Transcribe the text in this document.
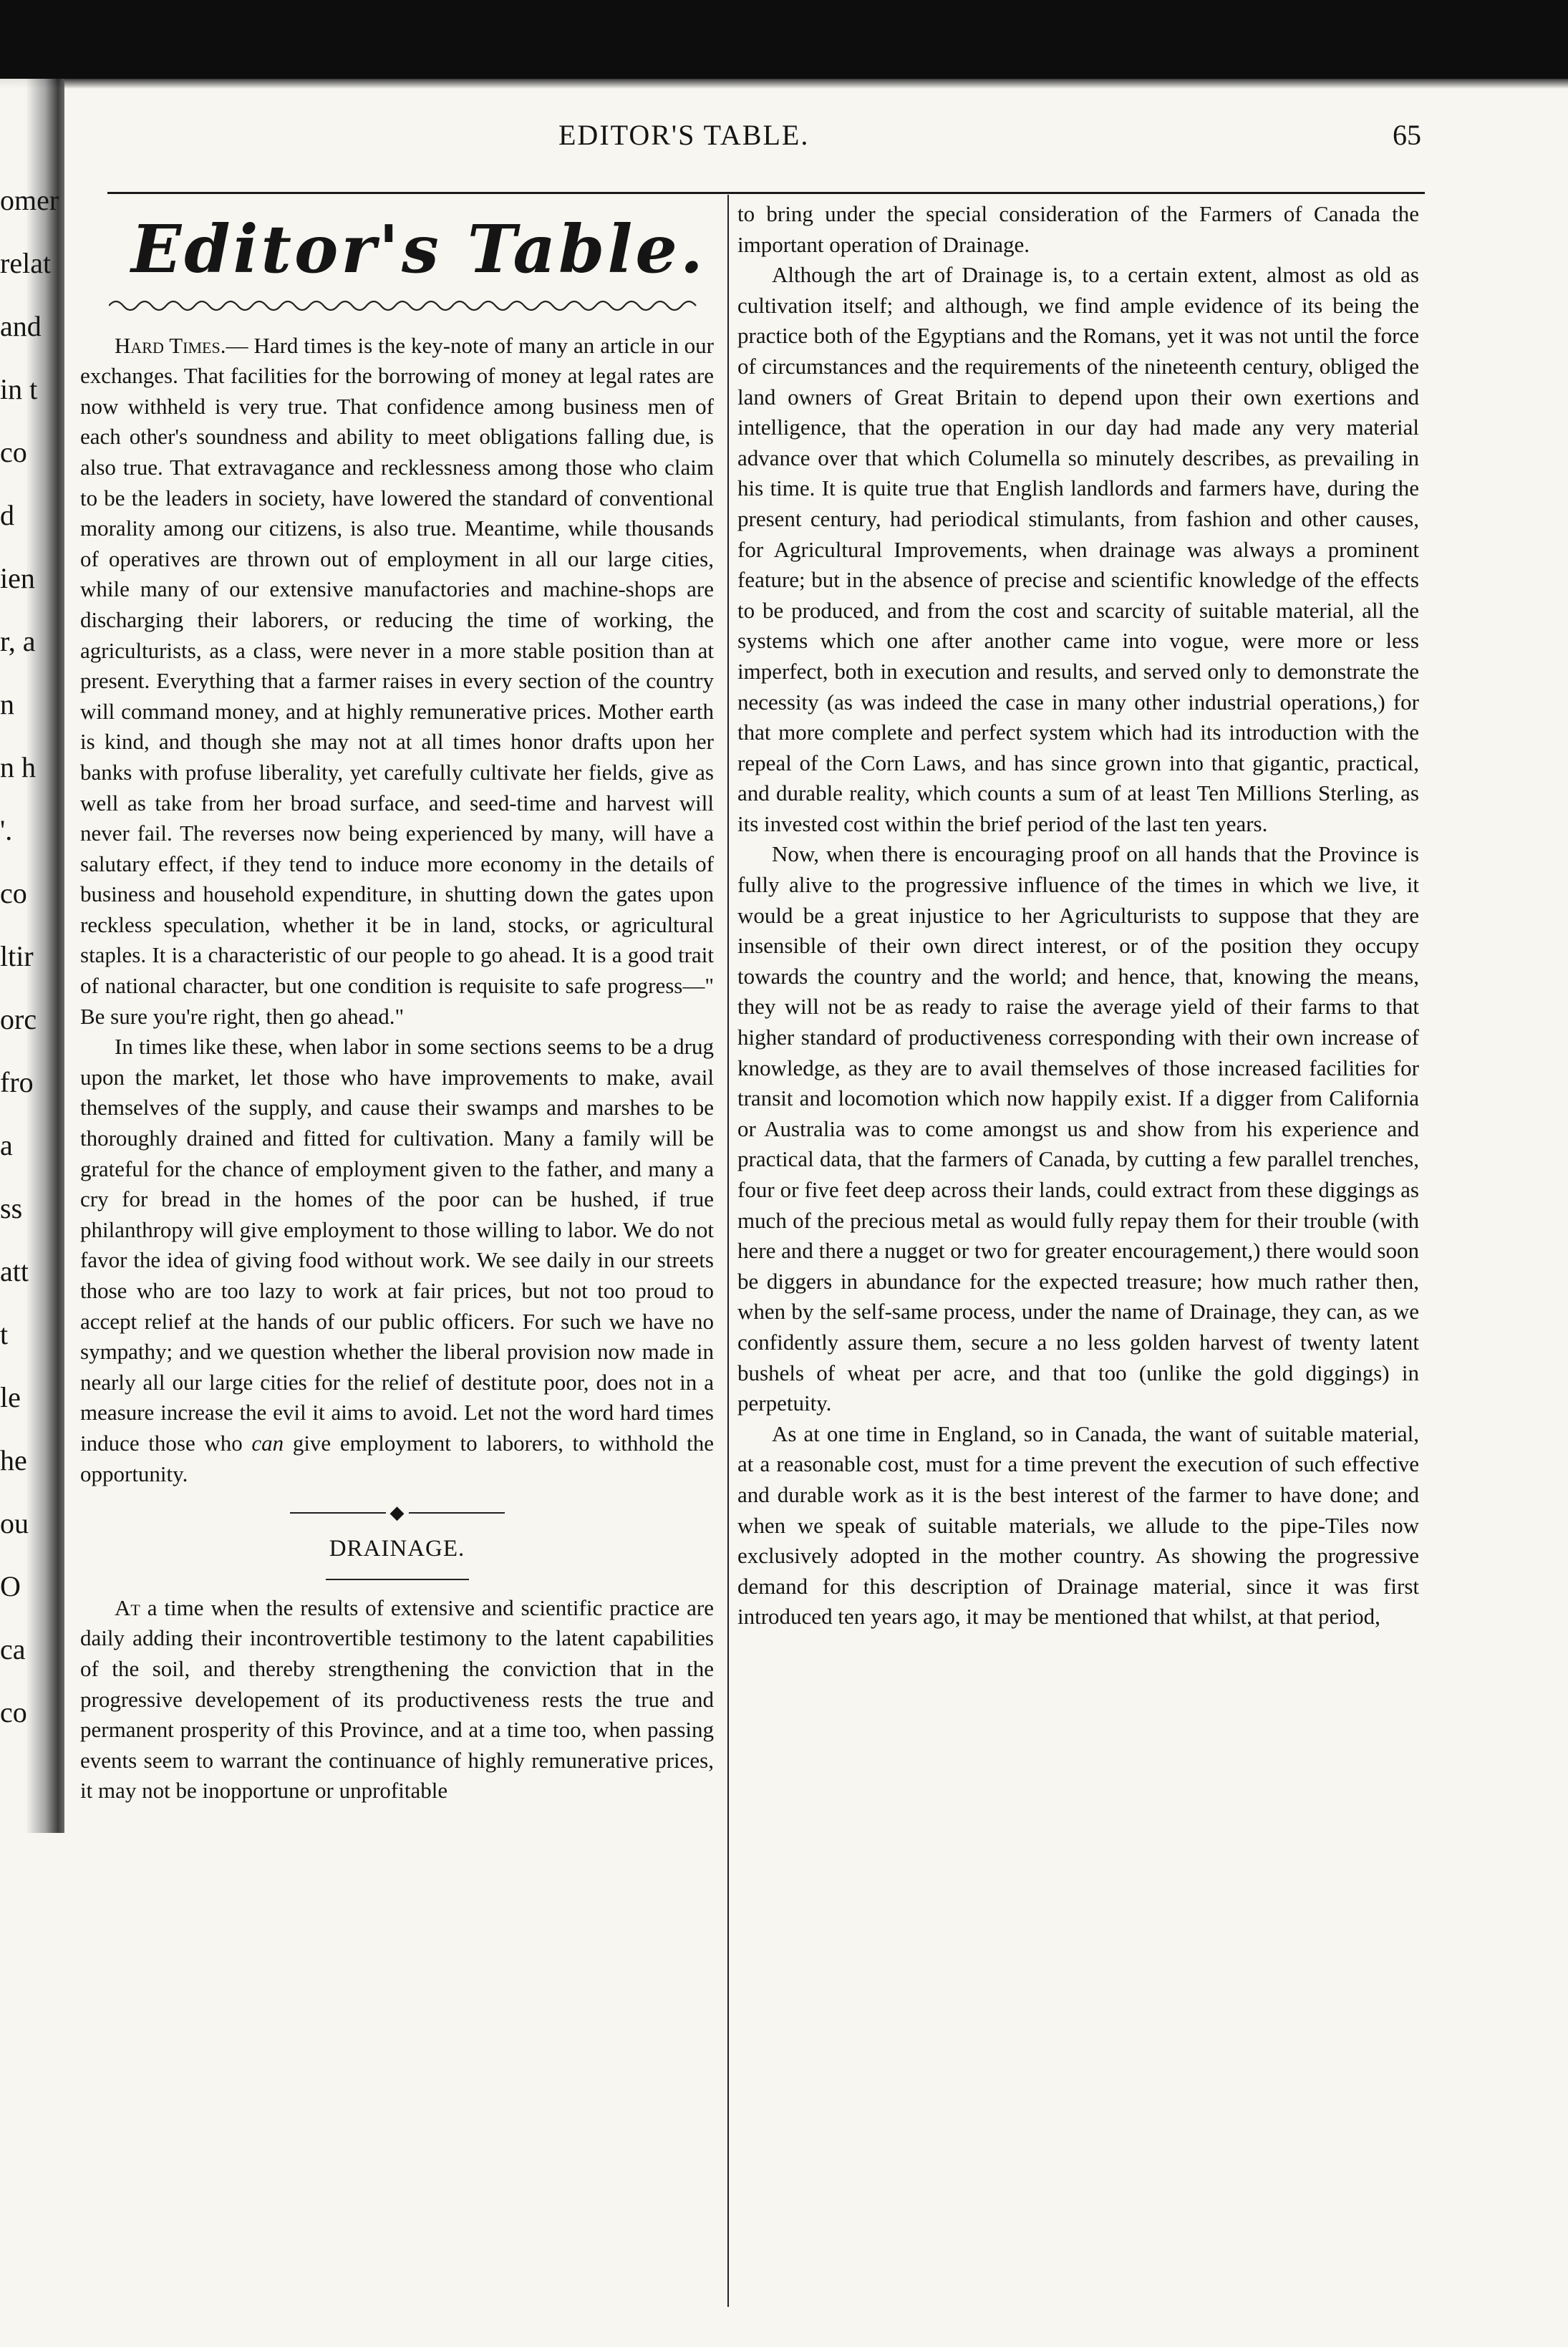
omer
relat
and
in t
co
d
ien
r, a
n
n h
'.
co
ltir
orc
fro
a
ss
att
t
le
he
ou
O
ca
co
EDITOR'S TABLE.	65
Editor's Table.

Hard Times.— Hard times is the key-note of many an article in our exchanges. That facilities for the borrowing of money at legal rates are now withheld is very true. That confidence among business men of each other's soundness and ability to meet obligations falling due, is also true. That extravagance and recklessness among those who claim to be the leaders in society, have lowered the standard of conventional morality among our citizens, is also true. Meantime, while thousands of operatives are thrown out of employment in all our large cities, while many of our extensive manufactories and machine-shops are discharging their laborers, or reducing the time of working, the agriculturists, as a class, were never in a more stable position than at present. Everything that a farmer raises in every section of the country will command money, and at highly remunerative prices. Mother earth is kind, and though she may not at all times honor drafts upon her banks with profuse liberality, yet carefully cultivate her fields, give as well as take from her broad surface, and seed-time and harvest will never fail. The reverses now being experienced by many, will have a salutary effect, if they tend to induce more economy in the details of business and household expenditure, in shutting down the gates upon reckless speculation, whether it be in land, stocks, or agricultural staples. It is a characteristic of our people to go ahead. It is a good trait of national character, but one condition is requisite to safe progress—" Be sure you're right, then go ahead."

In times like these, when labor in some sections seems to be a drug upon the market, let those who have improvements to make, avail themselves of the supply, and cause their swamps and marshes to be thoroughly drained and fitted for cultivation. Many a family will be grateful for the chance of employment given to the father, and many a cry for bread in the homes of the poor can be hushed, if true philanthropy will give employment to those willing to labor. We do not favor the idea of giving food without work. We see daily in our streets those who are too lazy to work at fair prices, but not too proud to accept relief at the hands of our public officers. For such we have no sympathy; and we question whether the liberal provision now made in nearly all our large cities for the relief of destitute poor, does not in a measure increase the evil it aims to avoid. Let not the word hard times induce those who can give employment to laborers, to withhold the opportunity.

◆
DRAINAGE.

At a time when the results of extensive and scientific practice are daily adding their incontrovertible testimony to the latent capabilities of the soil, and thereby strengthening the conviction that in the progressive developement of its productiveness rests the true and permanent prosperity of this Province, and at a time too, when passing events seem to warrant the continuance of highly remunerative prices, it may not be inopportune or unprofitable

to bring under the special consideration of the Farmers of Canada the important operation of Drainage.

Although the art of Drainage is, to a certain extent, almost as old as cultivation itself; and although, we find ample evidence of its being the practice both of the Egyptians and the Romans, yet it was not until the force of circumstances and the requirements of the nineteenth century, obliged the land owners of Great Britain to depend upon their own exertions and intelligence, that the operation in our day had made any very material advance over that which Columella so minutely describes, as prevailing in his time. It is quite true that English landlords and farmers have, during the present century, had periodical stimulants, from fashion and other causes, for Agricultural Improvements, when drainage was always a prominent feature; but in the absence of precise and scientific knowledge of the effects to be produced, and from the cost and scarcity of suitable material, all the systems which one after another came into vogue, were more or less imperfect, both in execution and results, and served only to demonstrate the necessity (as was indeed the case in many other industrial operations,) for that more complete and perfect system which had its introduction with the repeal of the Corn Laws, and has since grown into that gigantic, practical, and durable reality, which counts a sum of at least Ten Millions Sterling, as its invested cost within the brief period of the last ten years.

Now, when there is encouraging proof on all hands that the Province is fully alive to the progressive influence of the times in which we live, it would be a great injustice to her Agriculturists to suppose that they are insensible of their own direct interest, or of the position they occupy towards the country and the world; and hence, that, knowing the means, they will not be as ready to raise the average yield of their farms to that higher standard of productiveness corresponding with their own increase of knowledge, as they are to avail themselves of those increased facilities for transit and locomotion which now happily exist. If a digger from California or Australia was to come amongst us and show from his experience and practical data, that the farmers of Canada, by cutting a few parallel trenches, four or five feet deep across their lands, could extract from these diggings as much of the precious metal as would fully repay them for their trouble (with here and there a nugget or two for greater encouragement,) there would soon be diggers in abundance for the expected treasure; how much rather then, when by the self-same process, under the name of Drainage, they can, as we confidently assure them, secure a no less golden harvest of twenty latent bushels of wheat per acre, and that too (unlike the gold diggings) in perpetuity.

As at one time in England, so in Canada, the want of suitable material, at a reasonable cost, must for a time prevent the execution of such effective and durable work as it is the best interest of the farmer to have done; and when we speak of suitable materials, we allude to the pipe-Tiles now exclusively adopted in the mother country. As showing the progressive demand for this description of Drainage material, since it was first introduced ten years ago, it may be mentioned that whilst, at that period,
